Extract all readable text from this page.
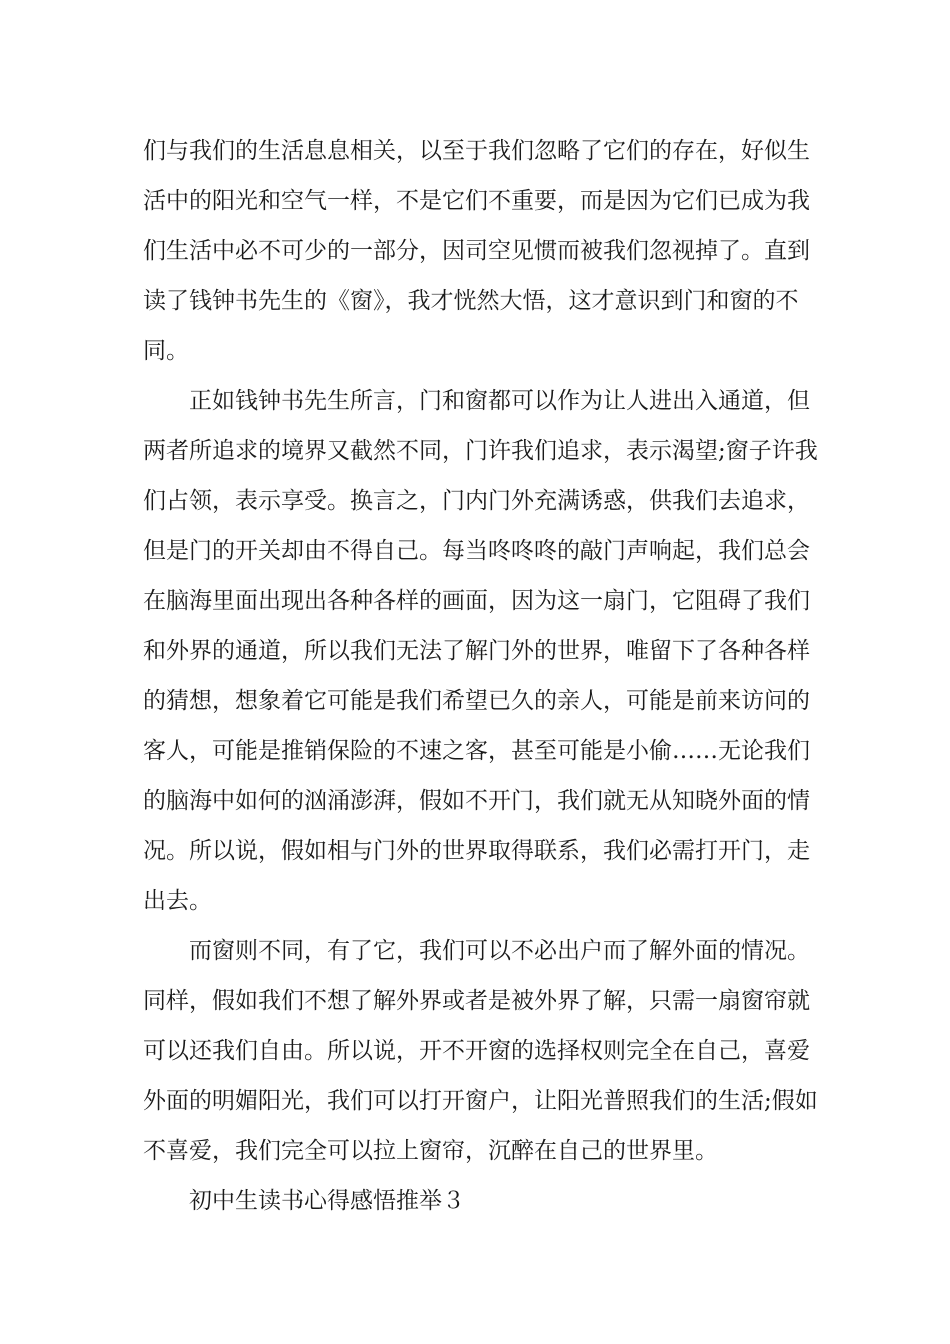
们与我们的生活息息相关，以至于我们忽略了它们的存在，好似生
活中的阳光和空气一样，不是它们不重要，而是因为它们已成为我
们生活中必不可少的一部分，因司空见惯而被我们忽视掉了。直到
读了钱钟书先生的《窗》，我才恍然大悟，这才意识到门和窗的不
同。
正如钱钟书先生所言，门和窗都可以作为让人进出入通道，但
两者所追求的境界又截然不同，门许我们追求，表示渴望;窗子许我
们占领，表示享受。换言之，门内门外充满诱惑，供我们去追求，
但是门的开关却由不得自己。每当咚咚咚的敲门声响起，我们总会
在脑海里面出现出各种各样的画面，因为这一扇门，它阻碍了我们
和外界的通道，所以我们无法了解门外的世界，唯留下了各种各样
的猜想，想象着它可能是我们希望已久的亲人，可能是前来访问的
客人，可能是推销保险的不速之客，甚至可能是小偷……无论我们
的脑海中如何的汹涌澎湃，假如不开门，我们就无从知晓外面的情
况。所以说，假如相与门外的世界取得联系，我们必需打开门，走
出去。
而窗则不同，有了它，我们可以不必出户而了解外面的情况。
同样，假如我们不想了解外界或者是被外界了解，只需一扇窗帘就
可以还我们自由。所以说，开不开窗的选择权则完全在自己，喜爱
外面的明媚阳光，我们可以打开窗户，让阳光普照我们的生活;假如
不喜爱，我们完全可以拉上窗帘，沉醉在自己的世界里。
初中生读书心得感悟推举３
